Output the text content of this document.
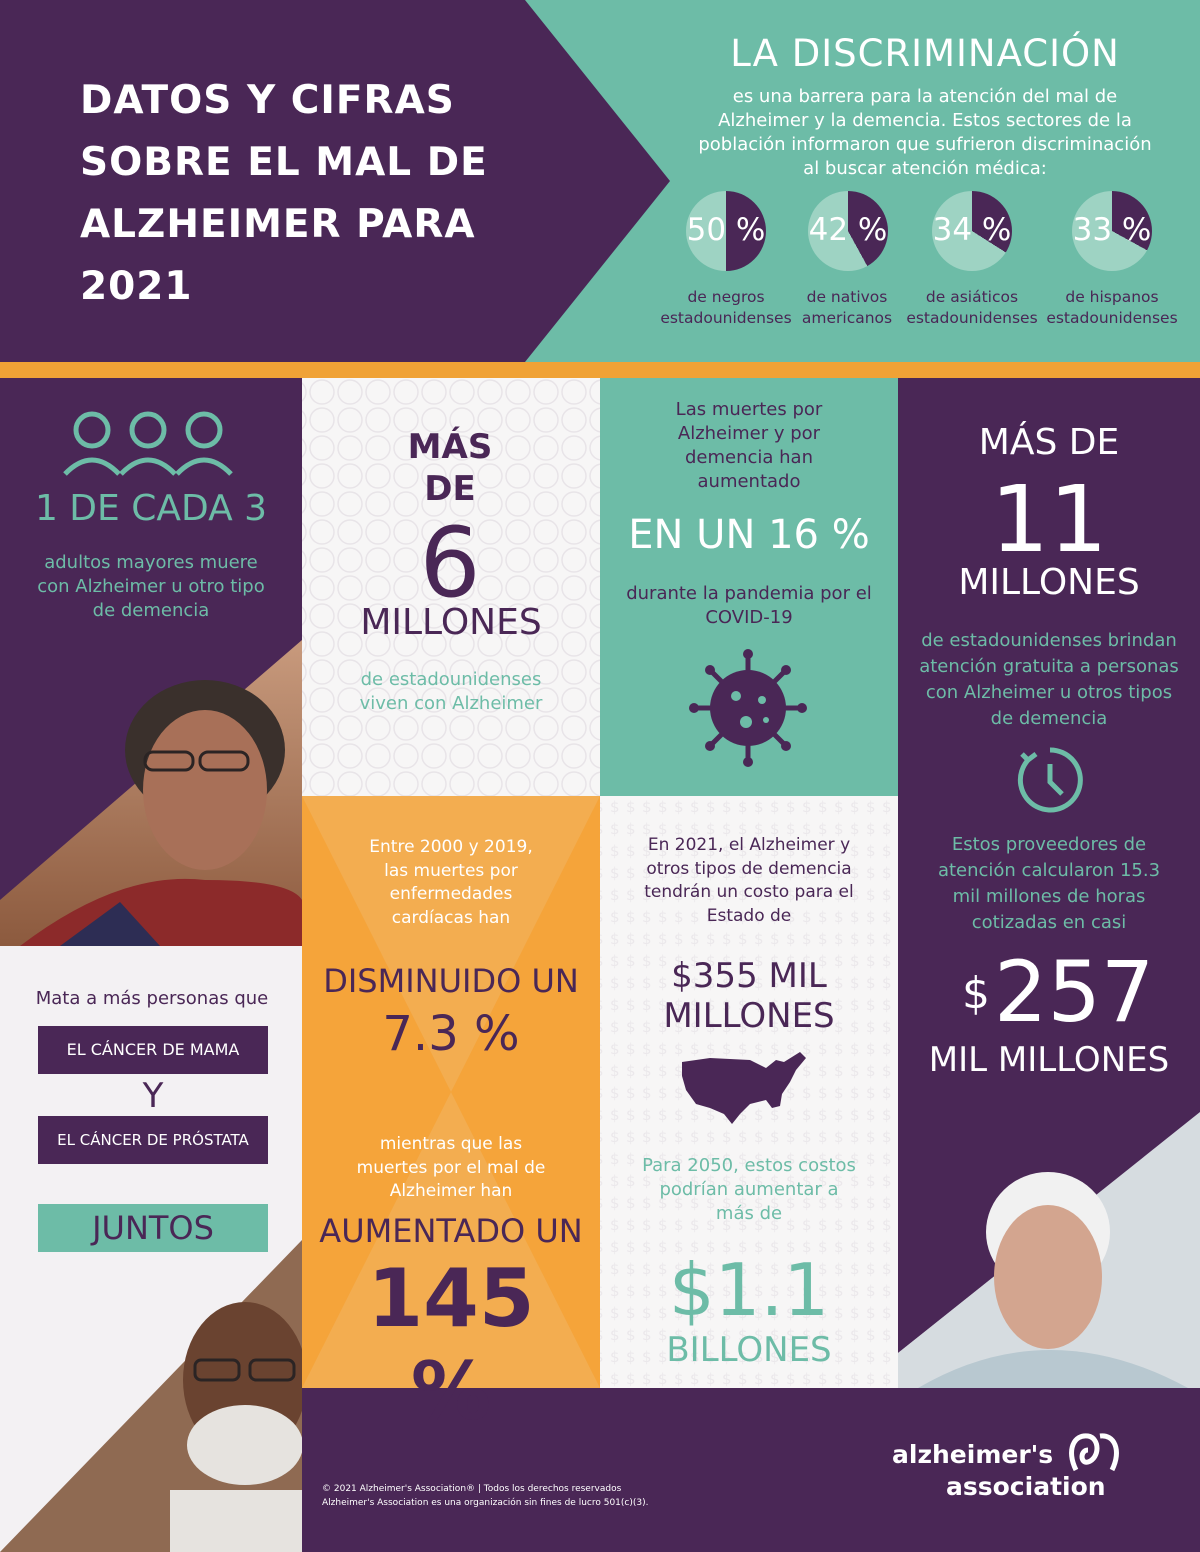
DATOS Y CIFRAS SOBRE EL MAL DE ALZHEIMER PARA 2021
LA DISCRIMINACIÓN
es una barrera para la atención del mal de Alzheimer y la demencia. Estos sectores de la población informaron que sufrieron discriminación al buscar atención médica:
50 %
de negros estadounidenses
42 %
de nativos americanos
34 %
de asiáticos estadounidenses
33 %
de hispanos estadounidenses
1 DE CADA 3
adultos mayores muere con Alzheimer u otro tipo de demencia
Mata a más personas que
EL CÁNCER DE MAMA
Y
EL CÁNCER DE PRÓSTATA
JUNTOS
MÁS DE
6
MILLONES
de estadounidenses viven con Alzheimer
Entre 2000 y 2019, las muertes por enfermedades cardíacas han
DISMINUIDO UN
7.3 %
mientras que las muertes por el mal de Alzheimer han
AUMENTADO UN
145 %
Las muertes por Alzheimer y por demencia han aumentado
EN UN 16 %
durante la pandemia por el COVID-19
En 2021, el Alzheimer y otros tipos de demencia tendrán un costo para el Estado de
$355 MIL MILLONES
Para 2050, estos costos podrían aumentar a más de
$1.1
BILLONES
MÁS DE
11
MILLONES
de estadounidenses brindan atención gratuita a personas con Alzheimer u otros tipos de demencia
Estos proveedores de atención calcularon 15.3 mil millones de horas cotizadas en casi
$ 257
MIL MILLONES
© 2021 Alzheimer's Association® | Todos los derechos reservados
Alzheimer's Association es una organización sin fines de lucro 501(c)(3).
alzheimer's
association
